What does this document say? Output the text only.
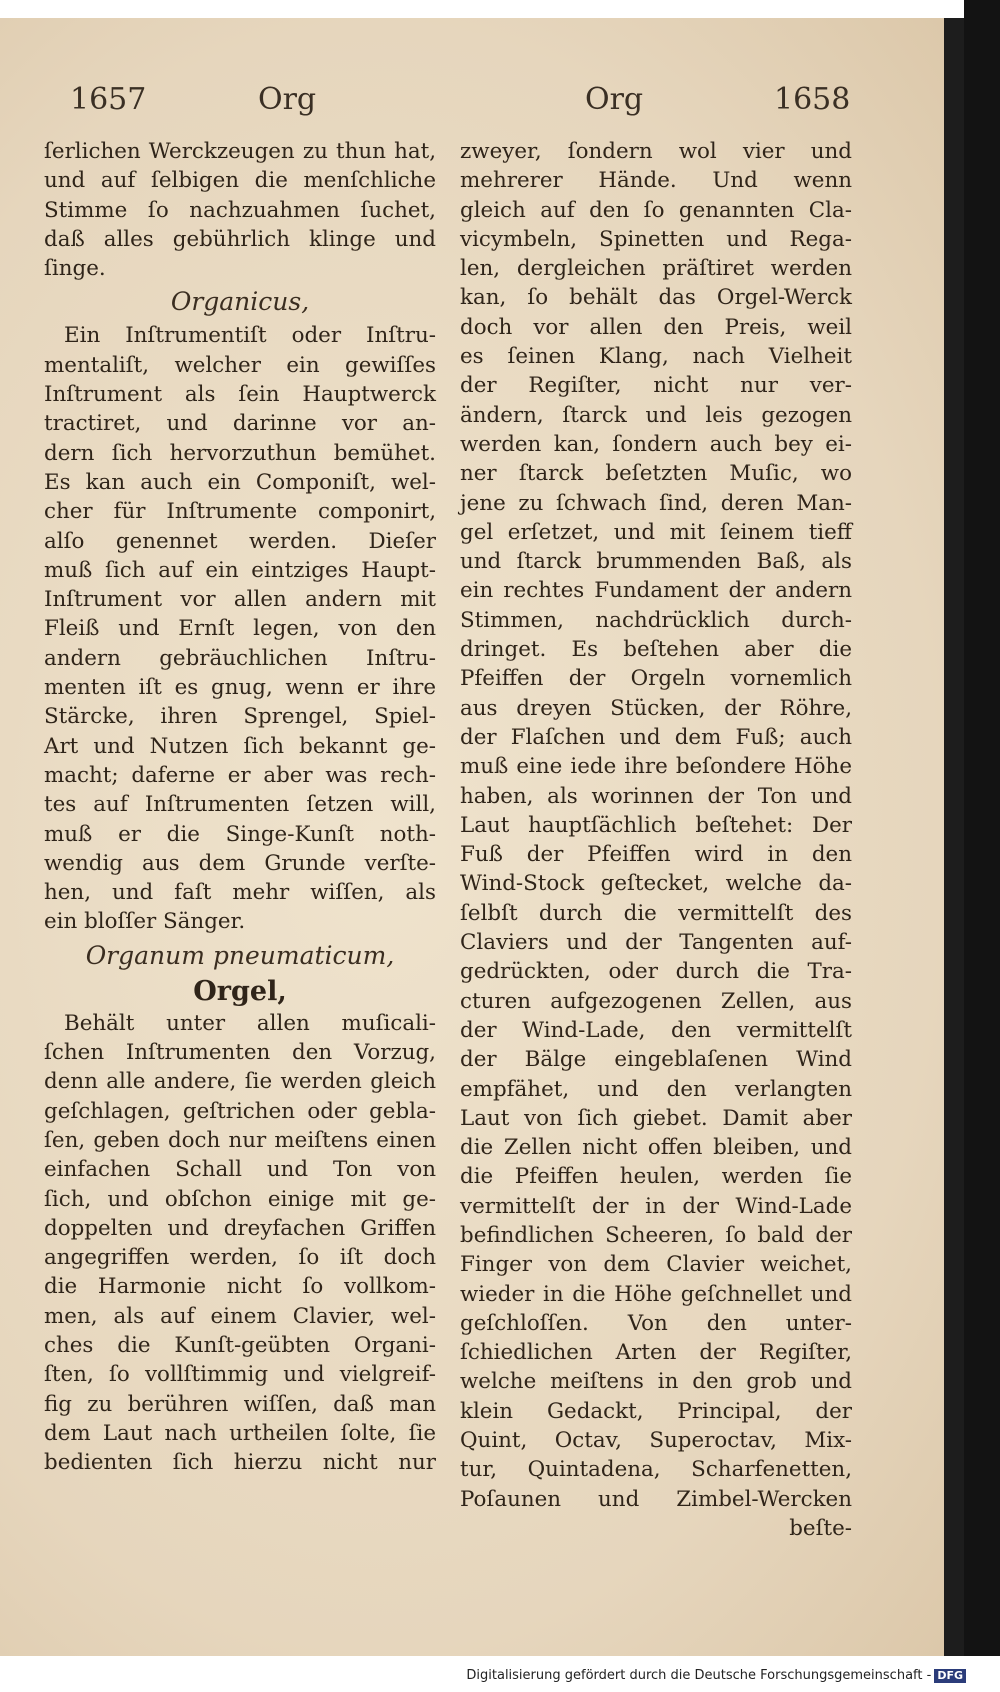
1657	Org	Org	1658
ſerlichen Werckzeugen zu thun hat,
und auf ſelbigen die menſchliche
Stimme ſo nachzuahmen ſuchet,
daß alles gebührlich klinge und
ſinge.
Organicus,
Ein Inſtrumentiſt oder Inſtru-
mentaliſt, welcher ein gewiſſes
Inſtrument als ſein Hauptwerck
tractiret, und darinne vor an-
dern ſich hervorzuthun bemühet.
Es kan auch ein Componiſt, wel-
cher für Inſtrumente componirt,
alſo genennet werden. Dieſer
muß ſich auf ein eintziges Haupt-
Inſtrument vor allen andern mit
Fleiß und Ernſt legen, von den
andern gebräuchlichen Inſtru-
menten iſt es gnug, wenn er ihre
Stärcke, ihren Sprengel, Spiel-
Art und Nutzen ſich bekannt ge-
macht; daferne er aber was rech-
tes auf Inſtrumenten ſetzen will,
muß er die Singe-Kunſt noth-
wendig aus dem Grunde verſte-
hen, und faſt mehr wiſſen, als
ein bloſſer Sänger.
Organum pneumaticum,
Orgel,
Behält unter allen muſicali-
ſchen Inſtrumenten den Vorzug,
denn alle andere, ſie werden gleich
geſchlagen, geſtrichen oder gebla-
ſen, geben doch nur meiſtens einen
einfachen Schall und Ton von
ſich, und obſchon einige mit ge-
doppelten und dreyfachen Griffen
angegriffen werden, ſo iſt doch
die Harmonie nicht ſo vollkom-
men, als auf einem Clavier, wel-
ches die Kunſt-geübten Organi-
ſten, ſo vollſtimmig und vielgreif-
fig zu berühren wiſſen, daß man
dem Laut nach urtheilen ſolte, ſie
bedienten ſich hierzu nicht nur
zweyer, ſondern wol vier und
mehrerer Hände. Und wenn
gleich auf den ſo genannten Cla-
vicymbeln, Spinetten und Rega-
len, dergleichen präſtiret werden
kan, ſo behält das Orgel-Werck
doch vor allen den Preis, weil
es ſeinen Klang, nach Vielheit
der Regiſter, nicht nur ver-
ändern, ſtarck und leis gezogen
werden kan, ſondern auch bey ei-
ner ſtarck beſetzten Muſic, wo
jene zu ſchwach ſind, deren Man-
gel erſetzet, und mit ſeinem tieff
und ſtarck brummenden Baß, als
ein rechtes Fundament der andern
Stimmen, nachdrücklich durch-
dringet. Es beſtehen aber die
Pfeiffen der Orgeln vornemlich
aus dreyen Stücken, der Röhre,
der Flaſchen und dem Fuß; auch
muß eine iede ihre beſondere Höhe
haben, als worinnen der Ton und
Laut hauptſächlich beſtehet: Der
Fuß der Pfeiffen wird in den
Wind-Stock geſtecket, welche da-
ſelbſt durch die vermittelſt des
Claviers und der Tangenten auf-
gedrückten, oder durch die Tra-
cturen aufgezogenen Zellen, aus
der Wind-Lade, den vermittelſt
der Bälge eingeblaſenen Wind
empfähet, und den verlangten
Laut von ſich giebet. Damit aber
die Zellen nicht offen bleiben, und
die Pfeiffen heulen, werden ſie
vermittelſt der in der Wind-Lade
befindlichen Scheeren, ſo bald der
Finger von dem Clavier weichet,
wieder in die Höhe geſchnellet und
geſchloſſen. Von den unter-
ſchiedlichen Arten der Regiſter,
welche meiſtens in den grob und
klein Gedackt, Principal, der
Quint, Octav, Superoctav, Mix-
tur, Quintadena, Scharfenetten,
Poſaunen und Zimbel-Wercken
beſte-
Digitalisierung gefördert durch die Deutsche Forschungsgemeinschaft - DFG
